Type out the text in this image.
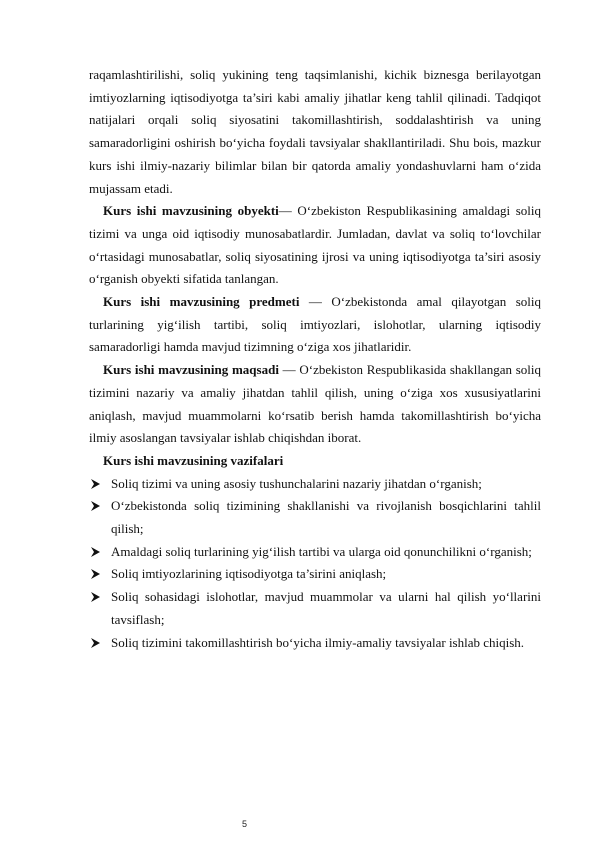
raqamlashtirilishi, soliq yukining teng taqsimlanishi, kichik biznesga berilayotgan imtiyozlarning iqtisodiyotga ta’siri kabi amaliy jihatlar keng tahlil qilinadi. Tadqiqot natijalari orqali soliq siyosatini takomillashtirish, soddalashtirish va uning samaradorligini oshirish bo‘yicha foydali tavsiyalar shakllantiriladi. Shu bois, mazkur kurs ishi ilmiy-nazariy bilimlar bilan bir qatorda amaliy yondashuvlarni ham o‘zida mujassam etadi.

Kurs ishi mavzusining obyekti— O‘zbekiston Respublikasining amaldagi soliq tizimi va unga oid iqtisodiy munosabatlardir. Jumladan, davlat va soliq to‘lovchilar o‘rtasidagi munosabatlar, soliq siyosatining ijrosi va uning iqtisodiyotga ta’siri asosiy o‘rganish obyekti sifatida tanlangan.

Kurs ishi mavzusining predmeti — O‘zbekistonda amal qilayotgan soliq turlarining yig‘ilish tartibi, soliq imtiyozlari, islohotlar, ularning iqtisodiy samaradorligi hamda mavjud tizimning o‘ziga xos jihatlaridir.

Kurs ishi mavzusining maqsadi — O‘zbekiston Respublikasida shakllangan soliq tizimini nazariy va amaliy jihatdan tahlil qilish, uning o‘ziga xos xususiyatlarini aniqlash, mavjud muammolarni ko‘rsatib berish hamda takomillashtirish bo‘yicha ilmiy asoslangan tavsiyalar ishlab chiqishdan iborat.

Kurs ishi mavzusining vazifalari

Soliq tizimi va uning asosiy tushunchalarini nazariy jihatdan o‘rganish;
O‘zbekistonda soliq tizimining shakllanishi va rivojlanish bosqichlarini tahlil qilish;
Amaldagi soliq turlarining yig‘ilish tartibi va ularga oid qonunchilikni o‘rganish;
Soliq imtiyozlarining iqtisodiyotga ta’sirini aniqlash;
Soliq sohasidagi islohotlar, mavjud muammolar va ularni hal qilish yo‘llarini tavsiflash;
Soliq tizimini takomillashtirish bo‘yicha ilmiy-amaliy tavsiyalar ishlab chiqish.
5
